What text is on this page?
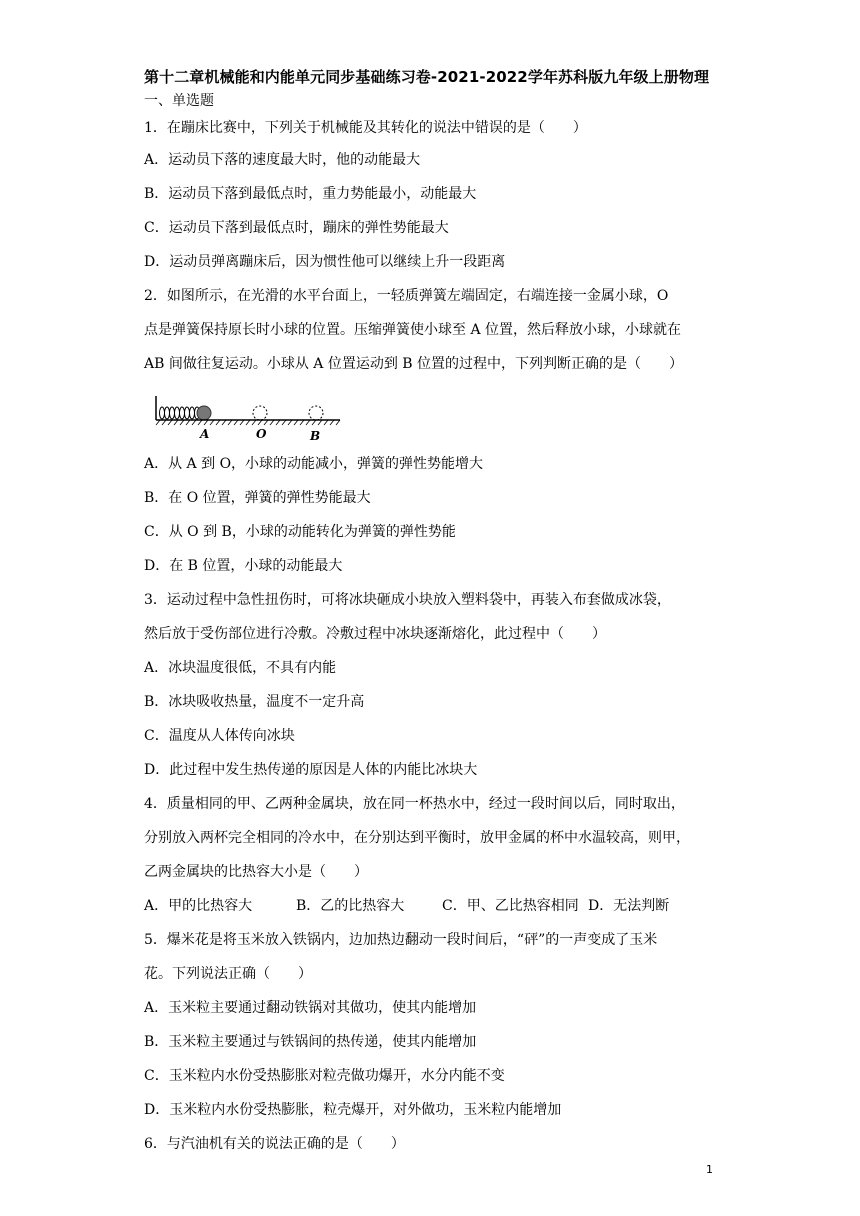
第十二章机械能和内能单元同步基础练习卷-2021-2022学年苏科版九年级上册物理
一、单选题
1．在蹦床比赛中，下列关于机械能及其转化的说法中错误的是（　　）
A．运动员下落的速度最大时，他的动能最大
B．运动员下落到最低点时，重力势能最小，动能最大
C．运动员下落到最低点时，蹦床的弹性势能最大
D．运动员弹离蹦床后，因为惯性他可以继续上升一段距离
2．如图所示，在光滑的水平台面上，一轻质弹簧左端固定，右端连接一金属小球，O
点是弹簧保持原长时小球的位置。压缩弹簧使小球至 A 位置，然后释放小球，小球就在
AB 间做往复运动。小球从 A 位置运动到 B 位置的过程中，下列判断正确的是（　　）
A	O	B
A．从 A 到 O，小球的动能减小，弹簧的弹性势能增大
B．在 O 位置，弹簧的弹性势能最大
C．从 O 到 B，小球的动能转化为弹簧的弹性势能
D．在 B 位置，小球的动能最大
3．运动过程中急性扭伤时，可将冰块砸成小块放入塑料袋中，再装入布套做成冰袋，
然后放于受伤部位进行冷敷。冷敷过程中冰块逐渐熔化，此过程中（　　）
A．冰块温度很低，不具有内能
B．冰块吸收热量，温度不一定升高
C．温度从人体传向冰块
D．此过程中发生热传递的原因是人体的内能比冰块大
4．质量相同的甲、乙两种金属块，放在同一杯热水中，经过一段时间以后，同时取出，
分别放入两杯完全相同的冷水中，在分别达到平衡时，放甲金属的杯中水温较高，则甲，
乙两金属块的比热容大小是（　　）
A．甲的比热容大	B．乙的比热容大	C．甲、乙比热容相同 D．无法判断
5．爆米花是将玉米放入铁锅内，边加热边翻动一段时间后，“砰”的一声变成了玉米
花。下列说法正确（　　）
A．玉米粒主要通过翻动铁锅对其做功，使其内能增加
B．玉米粒主要通过与铁锅间的热传递，使其内能增加
C．玉米粒内水份受热膨胀对粒壳做功爆开，水分内能不变
D．玉米粒内水份受热膨胀，粒壳爆开，对外做功，玉米粒内能增加
6．与汽油机有关的说法正确的是（　　）
1
